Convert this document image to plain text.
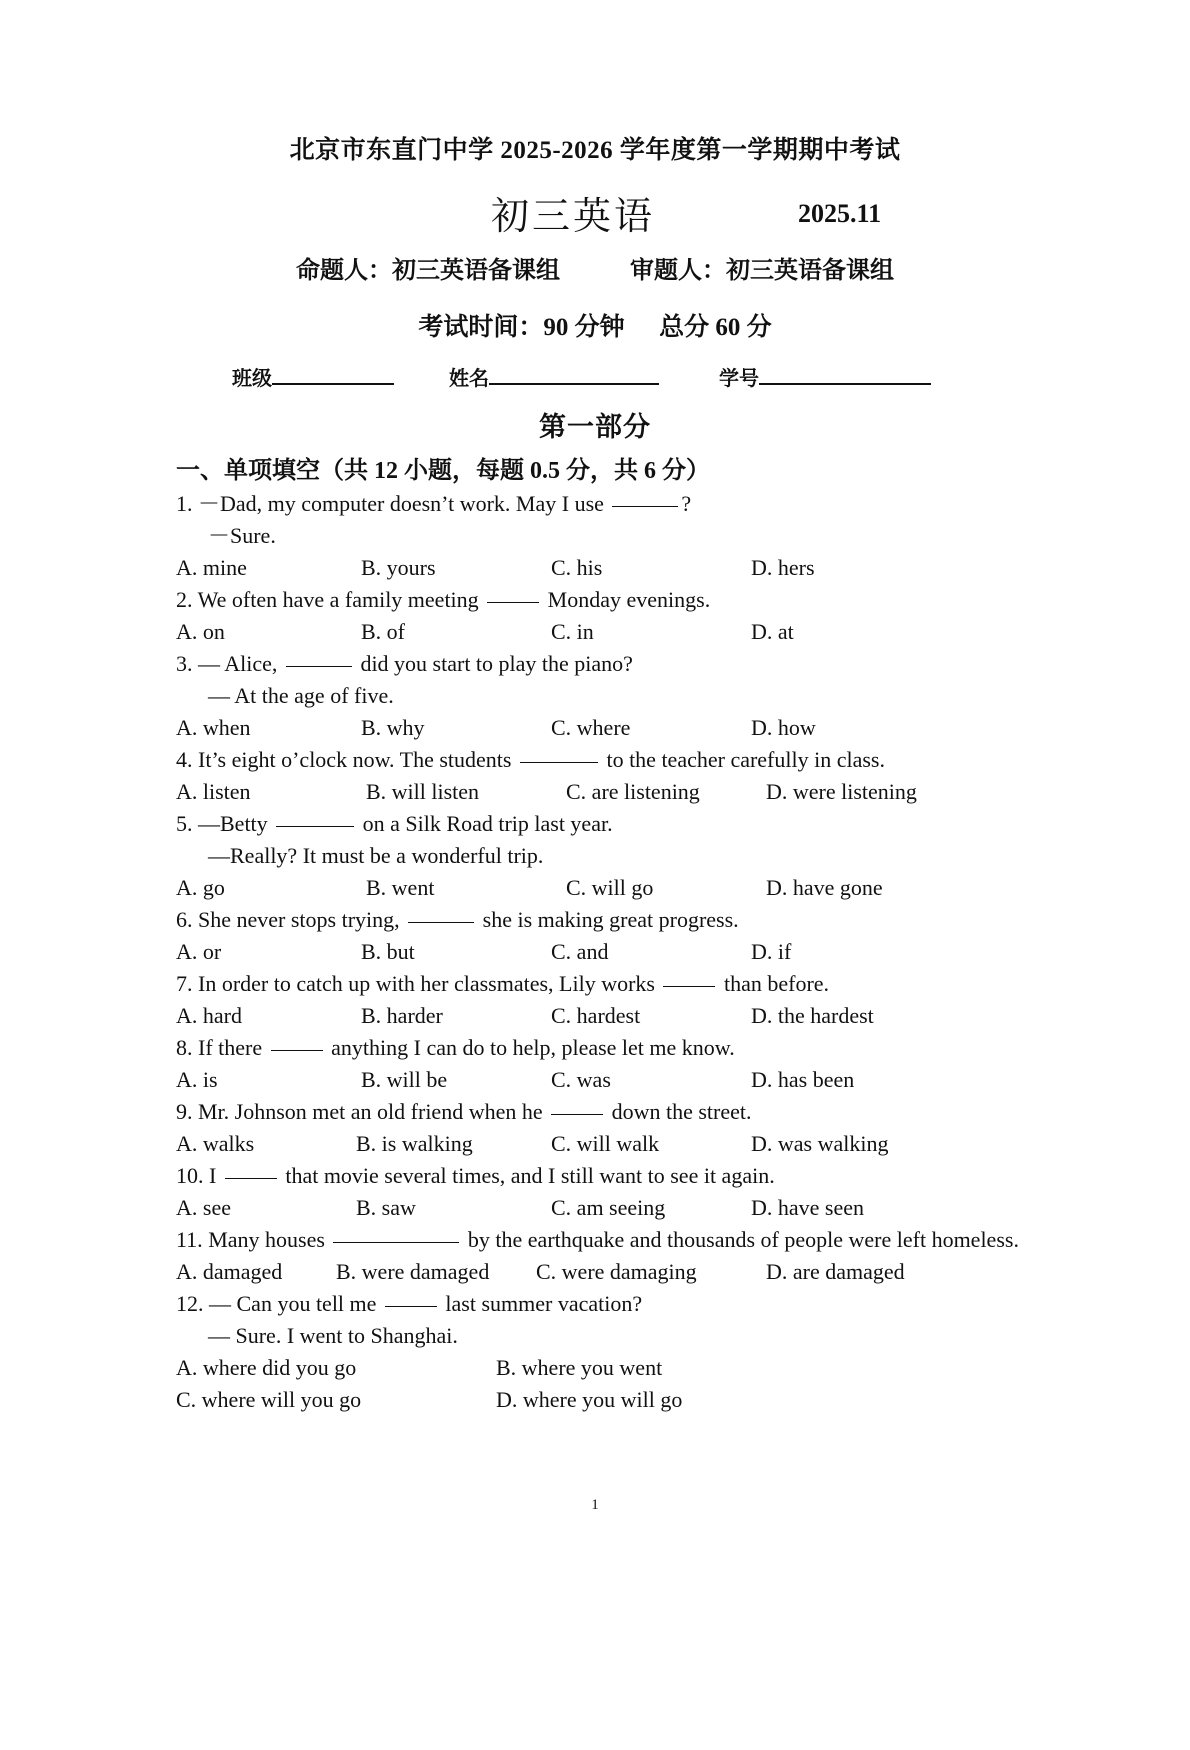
北京市东直门中学 2025-2026 学年度第一学期期中考试
初三英语	2025.11
命题人：初三英语备课组	审题人：初三英语备课组
考试时间：90 分钟 总分 60 分
班级	姓名	学号
第一部分
一、单项填空（共 12 小题，每题 0.5 分，共 6 分）
1. －Dad, my computer doesn’t work. May I use	?
－Sure.
A. mine	B. yours	C. his	D. hers
2. We often have a family meeting	Monday evenings.
A. on	B. of	C. in	D. at
3. — Alice,	did you start to play the piano?
— At the age of five.
A. when	B. why	C. where	D. how
4. It’s eight o’clock now. The students	to the teacher carefully in class.
A. listen	B. will listen	C. are listening	D. were listening
5. —Betty	on a Silk Road trip last year.
—Really? It must be a wonderful trip.
A. go	B. went	C. will go	D. have gone
6. She never stops trying,	she is making great progress.
A. or	B. but	C. and	D. if
7. In order to catch up with her classmates, Lily works	than before.
A. hard	B. harder	C. hardest	D. the hardest
8. If there	anything I can do to help, please let me know.
A. is	B. will be	C. was	D. has been
9. Mr. Johnson met an old friend when he	down the street.
A. walks	B. is walking	C. will walk	D. was walking
10. I	that movie several times, and I still want to see it again.
A. see	B. saw	C. am seeing	D. have seen
11. Many houses	by the earthquake and thousands of people were left homeless.
A. damaged B. were damaged C. were damaging	D. are damaged
12. — Can you tell me	last summer vacation?
— Sure. I went to Shanghai.
A. where did you go	B. where you went
C. where will you go	D. where you will go
1
